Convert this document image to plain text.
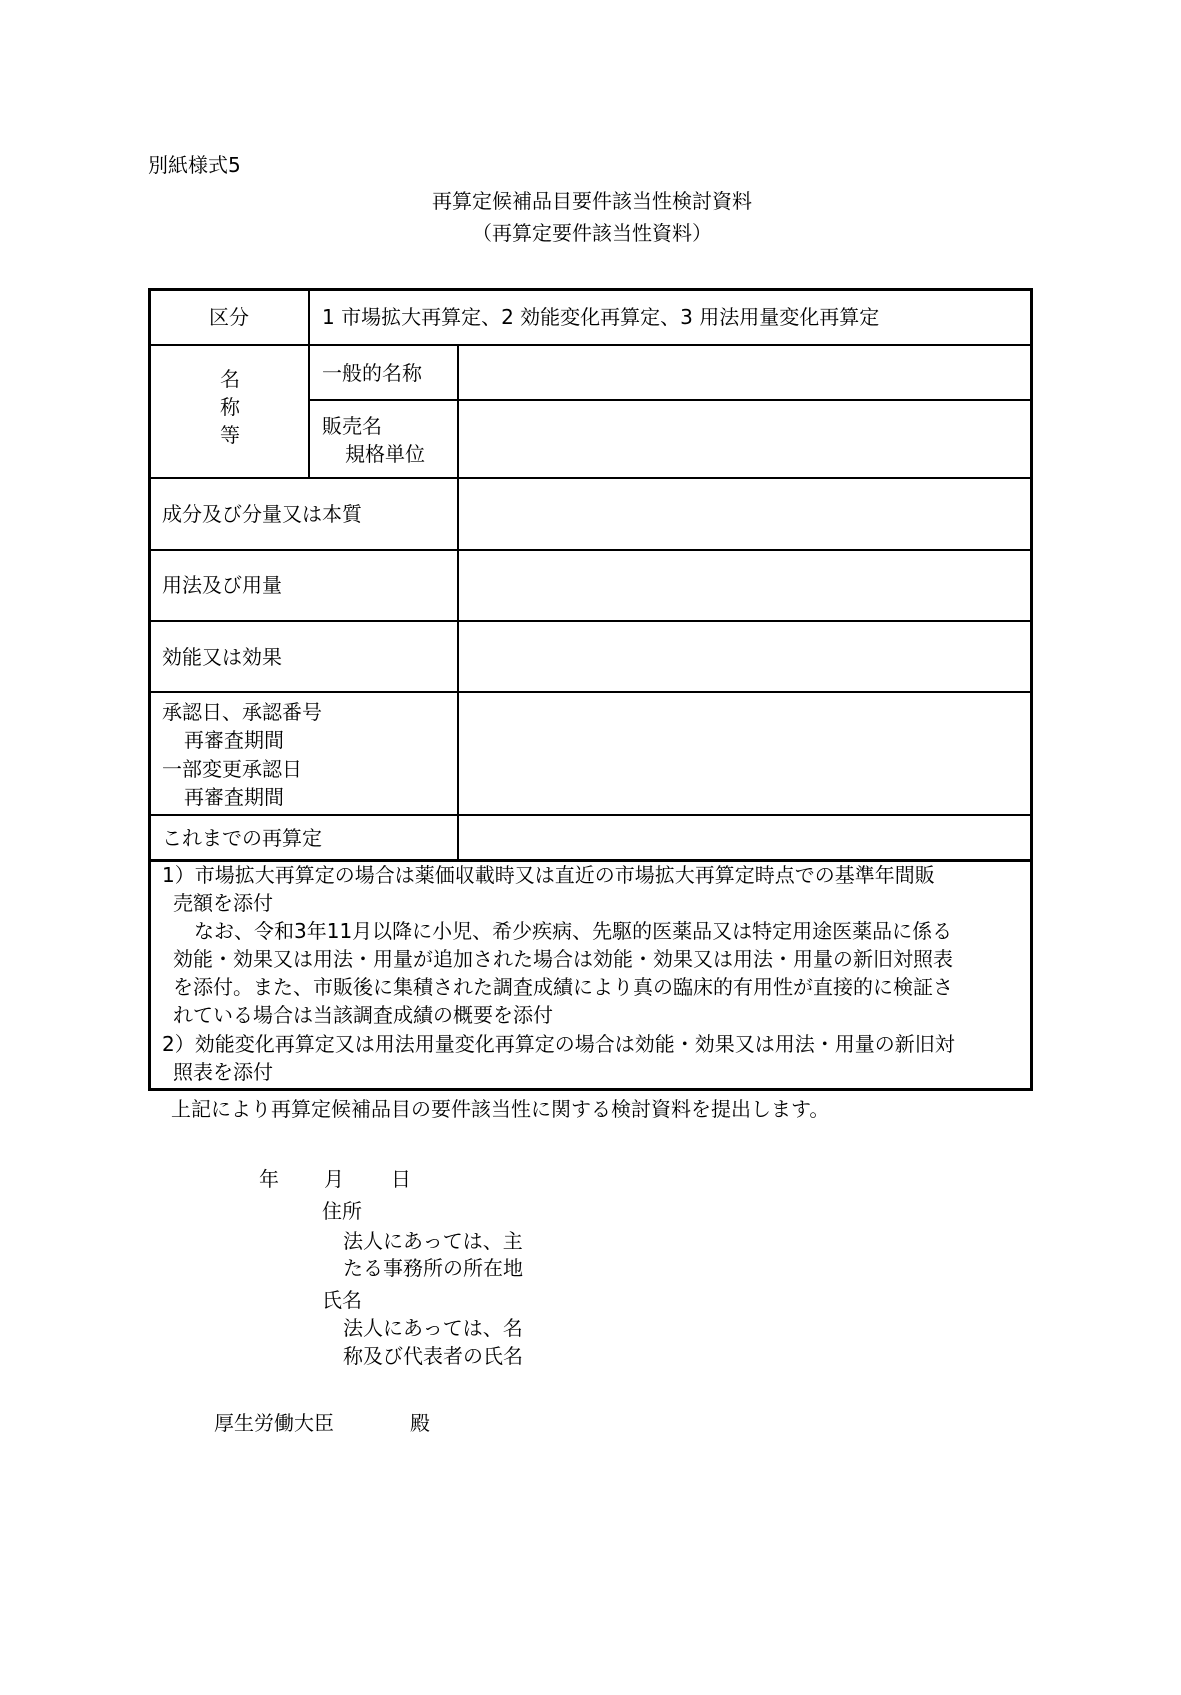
別紙様式5
再算定候補品目要件該当性検討資料
（再算定要件該当性資料）
区分	1 市場拡大再算定、2 効能変化再算定、3 用法用量変化再算定
名
称
等
一般的名称
販売名
規格単位
成分及び分量又は本質
用法及び用量
効能又は効果
承認日、承認番号
再審査期間
一部変更承認日
再審査期間
これまでの再算定
1）市場拡大再算定の場合は薬価収載時又は直近の市場拡大再算定時点での基準年間販
売額を添付
なお、令和3年11月以降に小児、希少疾病、先駆的医薬品又は特定用途医薬品に係る
効能・効果又は用法・用量が追加された場合は効能・効果又は用法・用量の新旧対照表
を添付。また、市販後に集積された調査成績により真の臨床的有用性が直接的に検証さ
れている場合は当該調査成績の概要を添付
2）効能変化再算定又は用法用量変化再算定の場合は効能・効果又は用法・用量の新旧対
照表を添付
上記により再算定候補品目の要件該当性に関する検討資料を提出します。
年 月 日
住所
法人にあっては、主
たる事務所の所在地
氏名
法人にあっては、名
称及び代表者の氏名
厚生労働大臣	殿
